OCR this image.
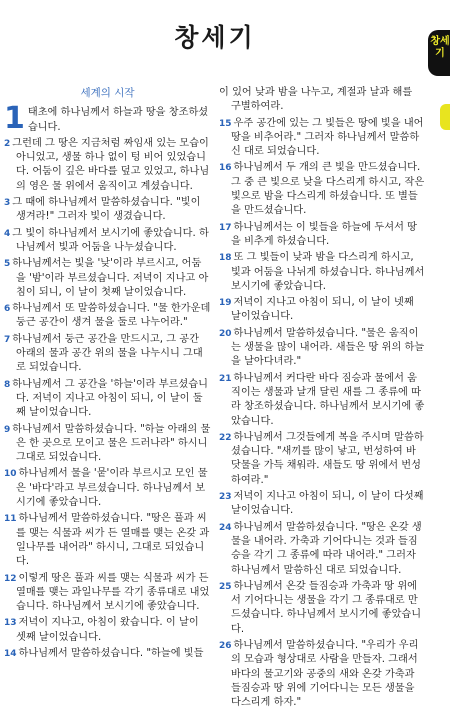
창세기	창세기
세계의 시작
1 태초에 하나님께서 하늘과 땅을 창조하셨습니다.
2 그런데 그 땅은 지금처럼 짜임새 있는 모습이 아니었고, 생물 하나 없이 텅 비어 있었습니다. 어둠이 깊은 바다를 덮고 있었고, 하나님의 영은 물 위에서 움직이고 계셨습니다.
3 그 때에 하나님께서 말씀하셨습니다. "빛이 생겨라!" 그러자 빛이 생겼습니다.
4 그 빛이 하나님께서 보시기에 좋았습니다. 하나님께서 빛과 어둠을 나누셨습니다.
5 하나님께서는 빛을 '낮'이라 부르시고, 어둠을 '밤'이라 부르셨습니다. 저녁이 지나고 아침이 되니, 이 날이 첫째 날이었습니다.
6 하나님께서 또 말씀하셨습니다. "물 한가운데 둥근 공간이 생겨 물을 둘로 나누어라."
7 하나님께서 둥근 공간을 만드시고, 그 공간 아래의 물과 공간 위의 물을 나누시니 그대로 되었습니다.
8 하나님께서 그 공간을 '하늘'이라 부르셨습니다. 저녁이 지나고 아침이 되니, 이 날이 둘째 날이었습니다.
9 하나님께서 말씀하셨습니다. "하늘 아래의 물은 한 곳으로 모이고 물은 드러나라" 하시니 그대로 되었습니다.
10 하나님께서 물을 '뭍'이라 부르시고 모인 물은 '바다'라고 부르셨습니다. 하나님께서 보시기에 좋았습니다.
11 하나님께서 말씀하셨습니다. "땅은 풀과 씨를 맺는 식물과 씨가 든 열매를 맺는 온갖 과일나무를 내어라" 하시니, 그대로 되었습니다.
12 이렇게 땅은 풀과 씨를 맺는 식물과 씨가 든 열매를 맺는 과일나무를 각기 종류대로 내었습니다. 하나님께서 보시기에 좋았습니다.
13 저녁이 지나고, 아침이 왔습니다. 이 날이 셋째 날이었습니다.
14 하나님께서 말씀하셨습니다. "하늘에 빛들
이 있어 낮과 밤을 나누고, 계절과 날과 해를 구별하여라.
15 우주 공간에 있는 그 빛들은 땅에 빛을 내어 땅을 비추어라." 그러자 하나님께서 말씀하신 대로 되었습니다.
16 하나님께서 두 개의 큰 빛을 만드셨습니다. 그 중 큰 빛으로 낮을 다스리게 하시고, 작은 빛으로 밤을 다스리게 하셨습니다. 또 별들을 만드셨습니다.
17 하나님께서는 이 빛들을 하늘에 두셔서 땅을 비추게 하셨습니다.
18 또 그 빛들이 낮과 밤을 다스리게 하시고, 빛과 어둠을 나뉘게 하셨습니다. 하나님께서 보시기에 좋았습니다.
19 저녁이 지나고 아침이 되니, 이 날이 넷째 날이었습니다.
20 하나님께서 말씀하셨습니다. "물은 움직이는 생물을 많이 내어라. 새들은 땅 위의 하늘을 날아다녀라."
21 하나님께서 커다란 바다 짐승과 물에서 움직이는 생물과 날개 달린 새를 그 종류에 따라 창조하셨습니다. 하나님께서 보시기에 좋았습니다.
22 하나님께서 그것들에게 복을 주시며 말씀하셨습니다. "새끼를 많이 낳고, 번성하여 바닷물을 가득 채워라. 새들도 땅 위에서 번성하여라."
23 저녁이 지나고 아침이 되니, 이 날이 다섯째 날이었습니다.
24 하나님께서 말씀하셨습니다. "땅은 온갖 생물을 내어라. 가축과 기어다니는 것과 들짐승을 각기 그 종류에 따라 내어라." 그러자 하나님께서 말씀하신 대로 되었습니다.
25 하나님께서 온갖 들짐승과 가축과 땅 위에서 기어다니는 생물을 각기 그 종류대로 만드셨습니다. 하나님께서 보시기에 좋았습니다.
26 하나님께서 말씀하셨습니다. "우리가 우리의 모습과 형상대로 사람을 만들자. 그래서 바다의 물고기와 공중의 새와 온갖 가축과 들짐승과 땅 위에 기어다니는 모든 생물을 다스리게 하자."
